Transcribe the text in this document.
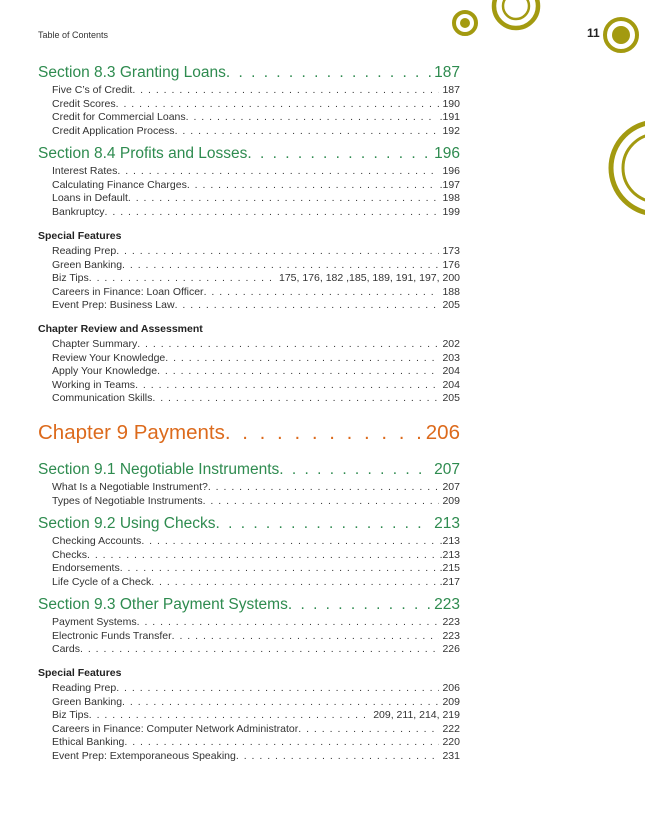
Table of Contents	11
Section 8.3 Granting Loans . . .	187
Five C’s of Credit . . .	187
Credit Scores . . .	190
Credit for Commercial Loans . . .	.191
Credit Application Process . . .	192
Section 8.4 Profits and Losses . . .	196
Interest Rates . . .	196
Calculating Finance Charges . . .	.197
Loans in Default . . .	198
Bankruptcy . . .	199
Special Features
Reading Prep . . .	173
Green Banking . . .	176
Biz Tips . . .	175, 176, 182 ,185, 189, 191, 197, 200
Careers in Finance: Loan Officer . . .	188
Event Prep: Business Law . . .	205
Chapter Review and Assessment
Chapter Summary . . .	202
Review Your Knowledge . . .	203
Apply Your Knowledge . . .	204
Working in Teams . . .	204
Communication Skills . . .	205
Chapter 9 Payments . . .	206
Section 9.1 Negotiable Instruments . . .	207
What Is a Negotiable Instrument? . . .	207
Types of Negotiable Instruments . . .	209
Section 9.2 Using Checks . . .	213
Checking Accounts . . .	.213
Checks . . .	.213
Endorsements . . .	.215
Life Cycle of a Check . . .	.217
Section 9.3 Other Payment Systems . . .	223
Payment Systems . . .	223
Electronic Funds Transfer . . .	223
Cards . . .	226
Special Features
Reading Prep . . .	206
Green Banking . . .	209
Biz Tips . . .	209, 211, 214, 219
Careers in Finance: Computer Network Administrator . . .	222
Ethical Banking . . .	220
Event Prep: Extemporaneous Speaking . . .	231
